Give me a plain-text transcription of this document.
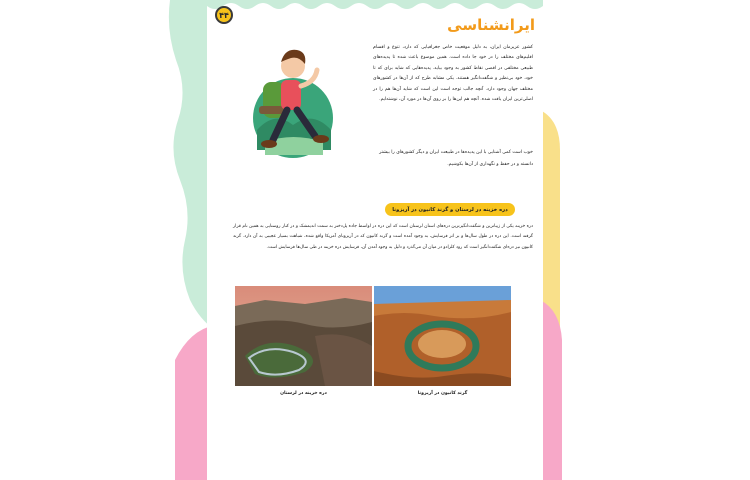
۴۴
ایرانشناسی

کشور عزیزمان ایران، به دلیل موقعیت خاص جغرافیایی که دارد، تنوع و اقسام اقلیم‌های مختلف را در خود جا داده است. همین موضوع باعث شده تا پدیده‌های طبیعی مختلفی در اقصی نقاط کشور به وجود بیاید. پدیده‌هایی که شاید برای که تا خود، خود بی‌نظیر و شگفت‌انگیز هستند. یکی مشابه طرح که از آن‌ها در کشورهای مختلف جهان وجود دارد. آنچه جالب توجه است این است که شاید آن‌ها هم را در اصلی‌ترین ایران یافت شده. آنچه هم این‌ها را بر روی آن‌ها در مورد آن، نوشته‌ایم.

خوب است کمی آشنایی با این پدیده‌ها در طبیعت ایران و دیگر کشورهای را بیشتر دانسته و در حفظ و نگهداری از آن‌ها بکوشیم.

دره خزینه در لرستان و گرند کانیون در آریزونا

دره خزینه یکی از زیباترین و شگفت‌انگیزترین دره‌های استان لرستان است که این دره در اواسط جاده پل‌دختر به سمت اندیمشک و در کنار روستایی به همین نام قرار گرفته است. این دره در طول سال‌ها و بر اثر فرسایش، به وجود آمده است و گرند کانیون که در آریزونای آمریکا واقع شده، شباهت بسیار عجیبی به آن دارد. گرند کانیون نیز دره‌ای شگفت‌انگیز است که رود کلرادو در میان آن می‌گذرد و دلیل به وجود آمدن آن، فرسایش دره خزینه در طی سال‌ها فرسایش است.

دره خزینه در لرستان	گرند کانیون در آریزونا
